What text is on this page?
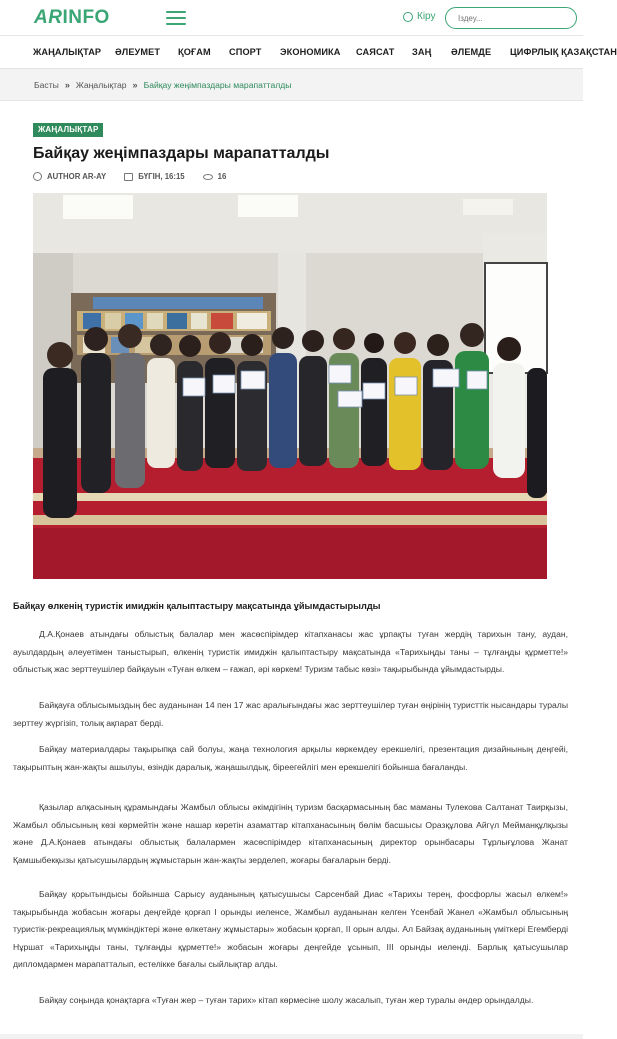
AR INFO	Кіру
Іздеу...
ЖАҢАЛЫҚТАР ӘЛЕУМЕТ ҚОҒАМ СПОРТ ЭКОНОМИКА САЯСАТ ЗАҢ ӘЛЕМДЕ ЦИФРЛЫҚ ҚАЗАҚСТАН
Басты » Жаңалықтар » Байқау жеңімпаздары марапатталды
ЖАҢАЛЫҚТАР
Байқау жеңімпаздары марапатталды
AUTHOR AR-AY	БҮГІН, 16:15	16

Байқау өлкенің туристік имиджін қалыптастыру мақсатында ұйымдастырылды

Д.А.Қонаев атындағы облыстық балалар мен жасөспірімдер кітапханасы жас ұрпақты туған жердің тарихын тану, аудан, ауылдардың әлеуетімен таныстырып, өлкенің туристік имиджін қалыптастыру мақсатында «Тарихыңды таны – тұлғаңды құрметте!» облыстық жас зерттеушілер байқауын «Туған өлкем – ғажап, әрі көркем! Туризм табыс көзі» тақырыбында ұйымдастырды.

Байқауға облысымыздың бес ауданынан 14 пен 17 жас аралығындағы жас зерттеушілер туған өңірінің туристтік нысандары туралы зерттеу жүргізіп, толық ақпарат берді.

Байқау материалдары тақырыпқа сай болуы, жаңа технология арқылы көркемдеу ерекшелігі, презентация дизайнының деңгейі, тақырыптың жан-жақты ашылуы, өзіндік даралық, жаңашылдық, біреегейлігі мен ерекшелігі бойынша бағаланды.

Қазылар алқасының құрамындағы Жамбыл облысы әкімдігінің туризм басқармасының бас маманы Тулекова Салтанат Таирқызы, Жамбыл облысының көзі көрмейтін және нашар көретін азаматтар кітапханасының бөлім басшысы Оразқұлова Айгүл Мейманқұлқызы және Д.А.Қонаев атындағы облыстық балалармен жасөспірімдер кітапханасының директор орынбасары Тұрлығұлова Жанат Қамшыбекқызы қатысушылардың жұмыстарын жан-жақты зерделеп, жоғары бағаларын берді.

Байқау қорытындысы бойынша Сарысу ауданының қатысушысы Сарсенбай Диас «Тарихы терең, фосфорлы жасыл өлкем!» тақырыбында жобасын жоғары деңгейде қорғап I орынды иеленсе, Жамбыл ауданынан келген Үсенбай Жанел «Жамбыл облысының туристік-рекреациялық мүмкіндіктері және өлкетану жұмыстары» жобасын қорғап, II орын алды. Ал Байзақ ауданының үміткері Егембердi Нұршат «Тарихыңды таны, тұлғаңды құрметте!» жобасын жоғары деңгейде ұсынып, III орынды иеленді. Барлық қатысушылар дипломдармен марапатталып, естелікке бағалы сыйлықтар алды.

Байқау соңында қонақтарға «Туған жер – туған тарих» кітап көрмесіне шолу жасалып, туған жер туралы әндер орындалды.
